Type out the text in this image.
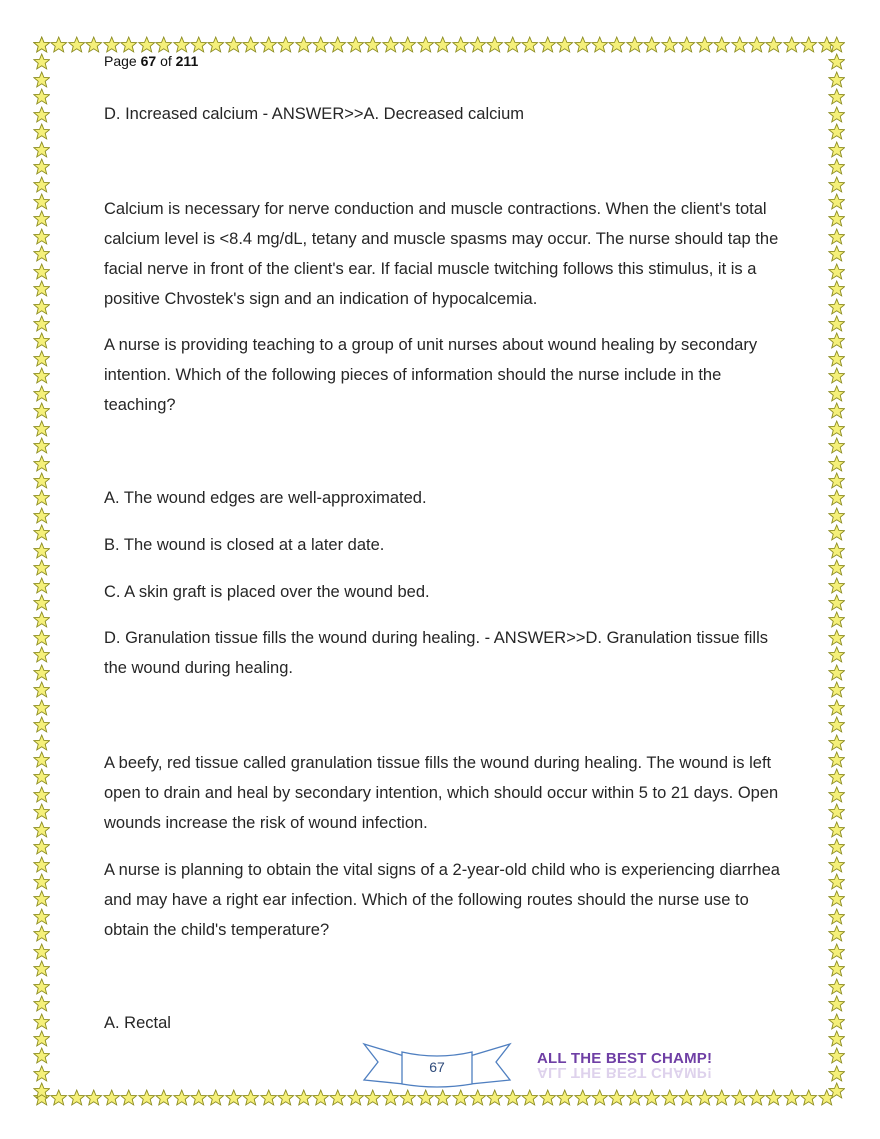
Page 67 of 211

D. Increased calcium - ANSWER>>A. Decreased calcium

Calcium is necessary for nerve conduction and muscle contractions. When the client's total calcium level is <8.4 mg/dL, tetany and muscle spasms may occur. The nurse should tap the facial nerve in front of the client's ear. If facial muscle twitching follows this stimulus, it is a positive Chvostek's sign and an indication of hypocalcemia.

A nurse is providing teaching to a group of unit nurses about wound healing by secondary intention. Which of the following pieces of information should the nurse include in the teaching?

A. The wound edges are well-approximated.

B. The wound is closed at a later date.

C. A skin graft is placed over the wound bed.

D. Granulation tissue fills the wound during healing. - ANSWER>>D. Granulation tissue fills the wound during healing.

A beefy, red tissue called granulation tissue fills the wound during healing. The wound is left open to drain and heal by secondary intention, which should occur within 5 to 21 days. Open wounds increase the risk of wound infection.

A nurse is planning to obtain the vital signs of a 2-year-old child who is experiencing diarrhea and may have a right ear infection. Which of the following routes should the nurse use to obtain the child's temperature?

A. Rectal

67	ALL THE BEST CHAMP!
ALL THE BEST CHAMP!
